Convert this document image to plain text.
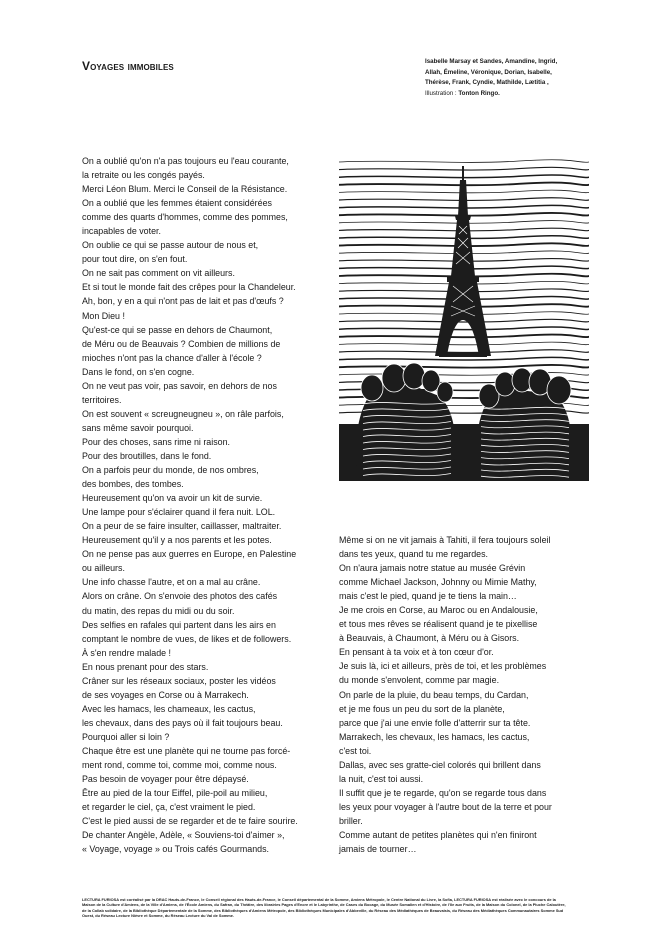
Voyages immobiles	Isabelle Marsay et Sandes, Amandine, Ingrid,
Allah, Émeline, Véronique, Dorian, Isabelle,
Thérèse, Frank, Cyndie, Mathilde, Lætitia ,
Illustration : Tonton Ringo.
On a oublié qu'on n'a pas toujours eu l'eau courante,
la retraite ou les congés payés.
Merci Léon Blum. Merci le Conseil de la Résistance.
On a oublié que les femmes étaient considérées
comme des quarts d'hommes, comme des pommes,
incapables de voter.
On oublie ce qui se passe autour de nous et,
pour tout dire, on s'en fout.
On ne sait pas comment on vit ailleurs.
Et si tout le monde fait des crêpes pour la Chandeleur.
Ah, bon, y en a qui n'ont pas de lait et pas d'œufs ?
Mon Dieu !
Qu'est-ce qui se passe en dehors de Chaumont,
de Méru ou de Beauvais ? Combien de millions de
mioches n'ont pas la chance d'aller à l'école ?
Dans le fond, on s'en cogne.
On ne veut pas voir, pas savoir, en dehors de nos
territoires.
On est souvent « screugneugneu », on râle parfois,
sans même savoir pourquoi.
Pour des choses, sans rime ni raison.
Pour des broutilles, dans le fond.
On a parfois peur du monde, de nos ombres,
des bombes, des tombes.
Heureusement qu'on va avoir un kit de survie.
Une lampe pour s'éclairer quand il fera nuit. LOL.
On a peur de se faire insulter, caillasser, maltraiter.
Heureusement qu'il y a nos parents et les potes.
On ne pense pas aux guerres en Europe, en Palestine
ou ailleurs.
Une info chasse l'autre, et on a mal au crâne.
Alors on crâne. On s'envoie des photos des cafés
du matin, des repas du midi ou du soir.
Des selfies en rafales qui partent dans les airs en
comptant le nombre de vues, de likes et de followers.
À s'en rendre malade !
En nous prenant pour des stars.
Crâner sur les réseaux sociaux, poster les vidéos
de ses voyages en Corse ou à Marrakech.
Avec les hamacs, les chameaux, les cactus,
les chevaux, dans des pays où il fait toujours beau.
Pourquoi aller si loin ?
Chaque être est une planète qui ne tourne pas forcé-
ment rond, comme toi, comme moi, comme nous.
Pas besoin de voyager pour être dépaysé.
Être au pied de la tour Eiffel, pile-poil au milieu,
et regarder le ciel, ça, c'est vraiment le pied.
C'est le pied aussi de se regarder et de te faire sourire.
De chanter Angèle, Adèle, « Souviens-toi d'aimer »,
« Voyage, voyage » ou Trois cafés Gourmands.
Même si on ne vit jamais à Tahiti, il fera toujours soleil
dans tes yeux, quand tu me regardes.
On n'aura jamais notre statue au musée Grévin
comme Michael Jackson, Johnny ou Mimie Mathy,
mais c'est le pied, quand je te tiens la main…
Je me crois en Corse, au Maroc ou en Andalousie,
et tous mes rêves se réalisent quand je te pixellise
à Beauvais, à Chaumont, à Méru ou à Gisors.
En pensant à ta voix et à ton cœur d'or.
Je suis là, ici et ailleurs, près de toi, et les problèmes
du monde s'envolent, comme par magie.
On parle de la pluie, du beau temps, du Cardan,
et je me fous un peu du sort de la planète,
parce que j'ai une envie folle d'atterrir sur ta tête.
Marrakech, les chevaux, les hamacs, les cactus,
c'est toi.
Dallas, avec ses gratte-ciel colorés qui brillent dans
la nuit, c'est toi aussi.
Il suffit que je te regarde, qu'on se regarde tous dans
les yeux pour voyager à l'autre bout de la terre et pour
briller.
Comme autant de petites planètes qui n'en finiront
jamais de tourner…
LECTURA FURIOSA est coréalisé par la DRAC Hauts-de-France, le Conseil régional des Hauts-de-France, le Conseil départemental de la Somme, Amiens Métropole, le Centre National du Livre, la Sofia, LECTURA FURIOSA est réalisée avec le concours de la
Maison de la Culture d'Amiens, de la Ville d'Amiens, de l'École Amiens, du Safran, du Théâtre, des librairies Pages d'Encre et le Labyrinthe, de Cases du Bocage, du Musée Somalien et d'Histoire, de l'Ile aux Fruits, de la Maison du Colonel, de la Pluche Caloutère,
de la Collab solidaire, de la Bibliothèque Départementale de la Somme, des Bibliothèques d'Amiens Métropole, des Bibliothèques Municipales d'Abbeville, du Réseau des Médiathèques de Beauvaisis, du Réseau des Médiathèques Communautaires Somme Sud
Ouest, du Réseau Lecture Nièvre et Somme, du Réseau Lecture du Val de Somme.
